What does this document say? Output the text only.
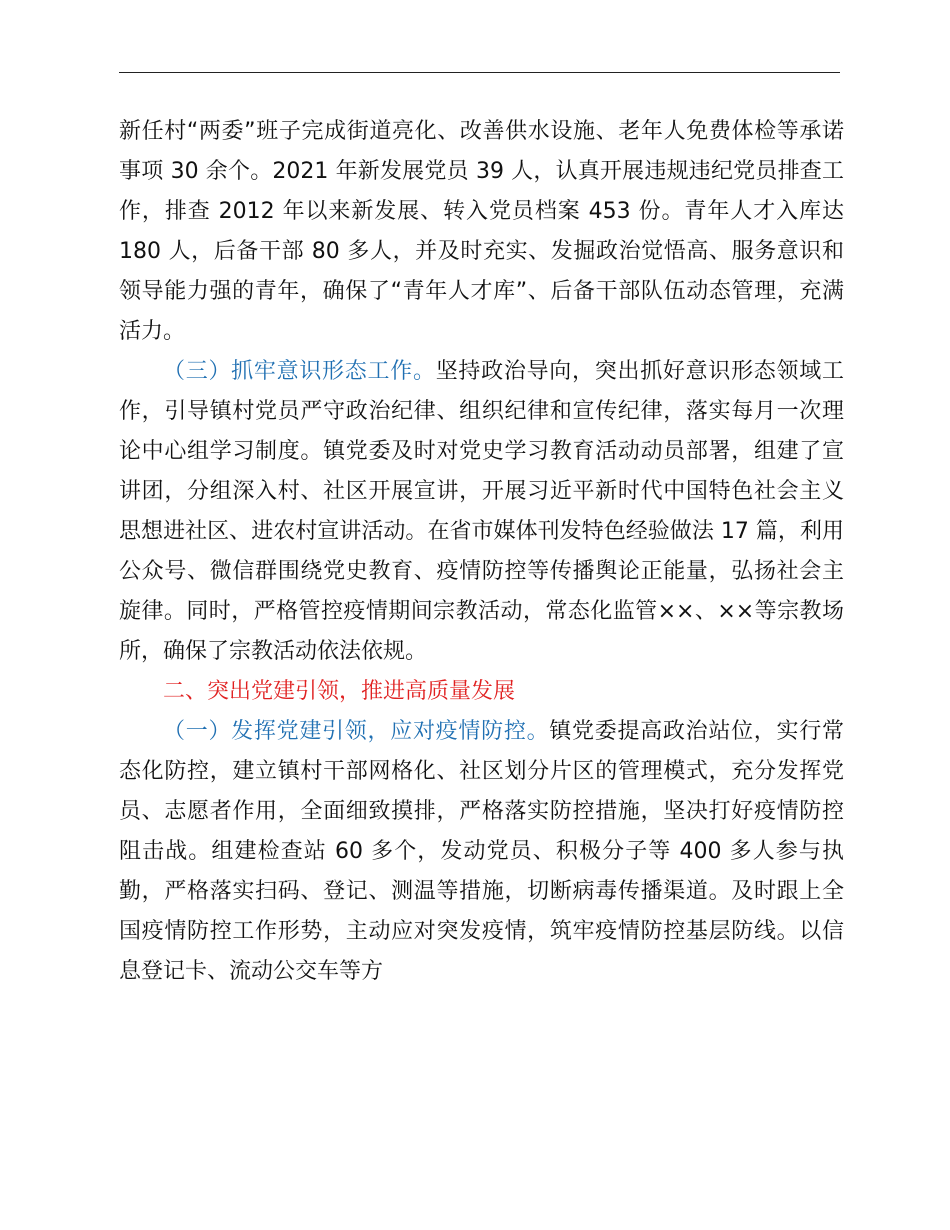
新任村“两委”班子完成街道亮化、改善供水设施、老年人免费体检等承诺事项 30 余个。2021 年新发展党员 39 人，认真开展违规违纪党员排查工作，排查 2012 年以来新发展、转入党员档案 453 份。青年人才入库达 180 人，后备干部 80 多人，并及时充实、发掘政治觉悟高、服务意识和领导能力强的青年，确保了“青年人才库”、后备干部队伍动态管理，充满活力。

（三）抓牢意识形态工作。坚持政治导向，突出抓好意识形态领域工作，引导镇村党员严守政治纪律、组织纪律和宣传纪律，落实每月一次理论中心组学习制度。镇党委及时对党史学习教育活动动员部署，组建了宣讲团，分组深入村、社区开展宣讲，开展习近平新时代中国特色社会主义思想进社区、进农村宣讲活动。在省市媒体刊发特色经验做法 17 篇，利用公众号、微信群围绕党史教育、疫情防控等传播舆论正能量，弘扬社会主旋律。同时，严格管控疫情期间宗教活动，常态化监管××、××等宗教场所，确保了宗教活动依法依规。

二、突出党建引领，推进高质量发展

（一）发挥党建引领，应对疫情防控。镇党委提高政治站位，实行常态化防控，建立镇村干部网格化、社区划分片区的管理模式，充分发挥党员、志愿者作用，全面细致摸排，严格落实防控措施，坚决打好疫情防控阻击战。组建检查站 60 多个，发动党员、积极分子等 400 多人参与执勤，严格落实扫码、登记、测温等措施，切断病毒传播渠道。及时跟上全国疫情防控工作形势，主动应对突发疫情，筑牢疫情防控基层防线。以信息登记卡、流动公交车等方
